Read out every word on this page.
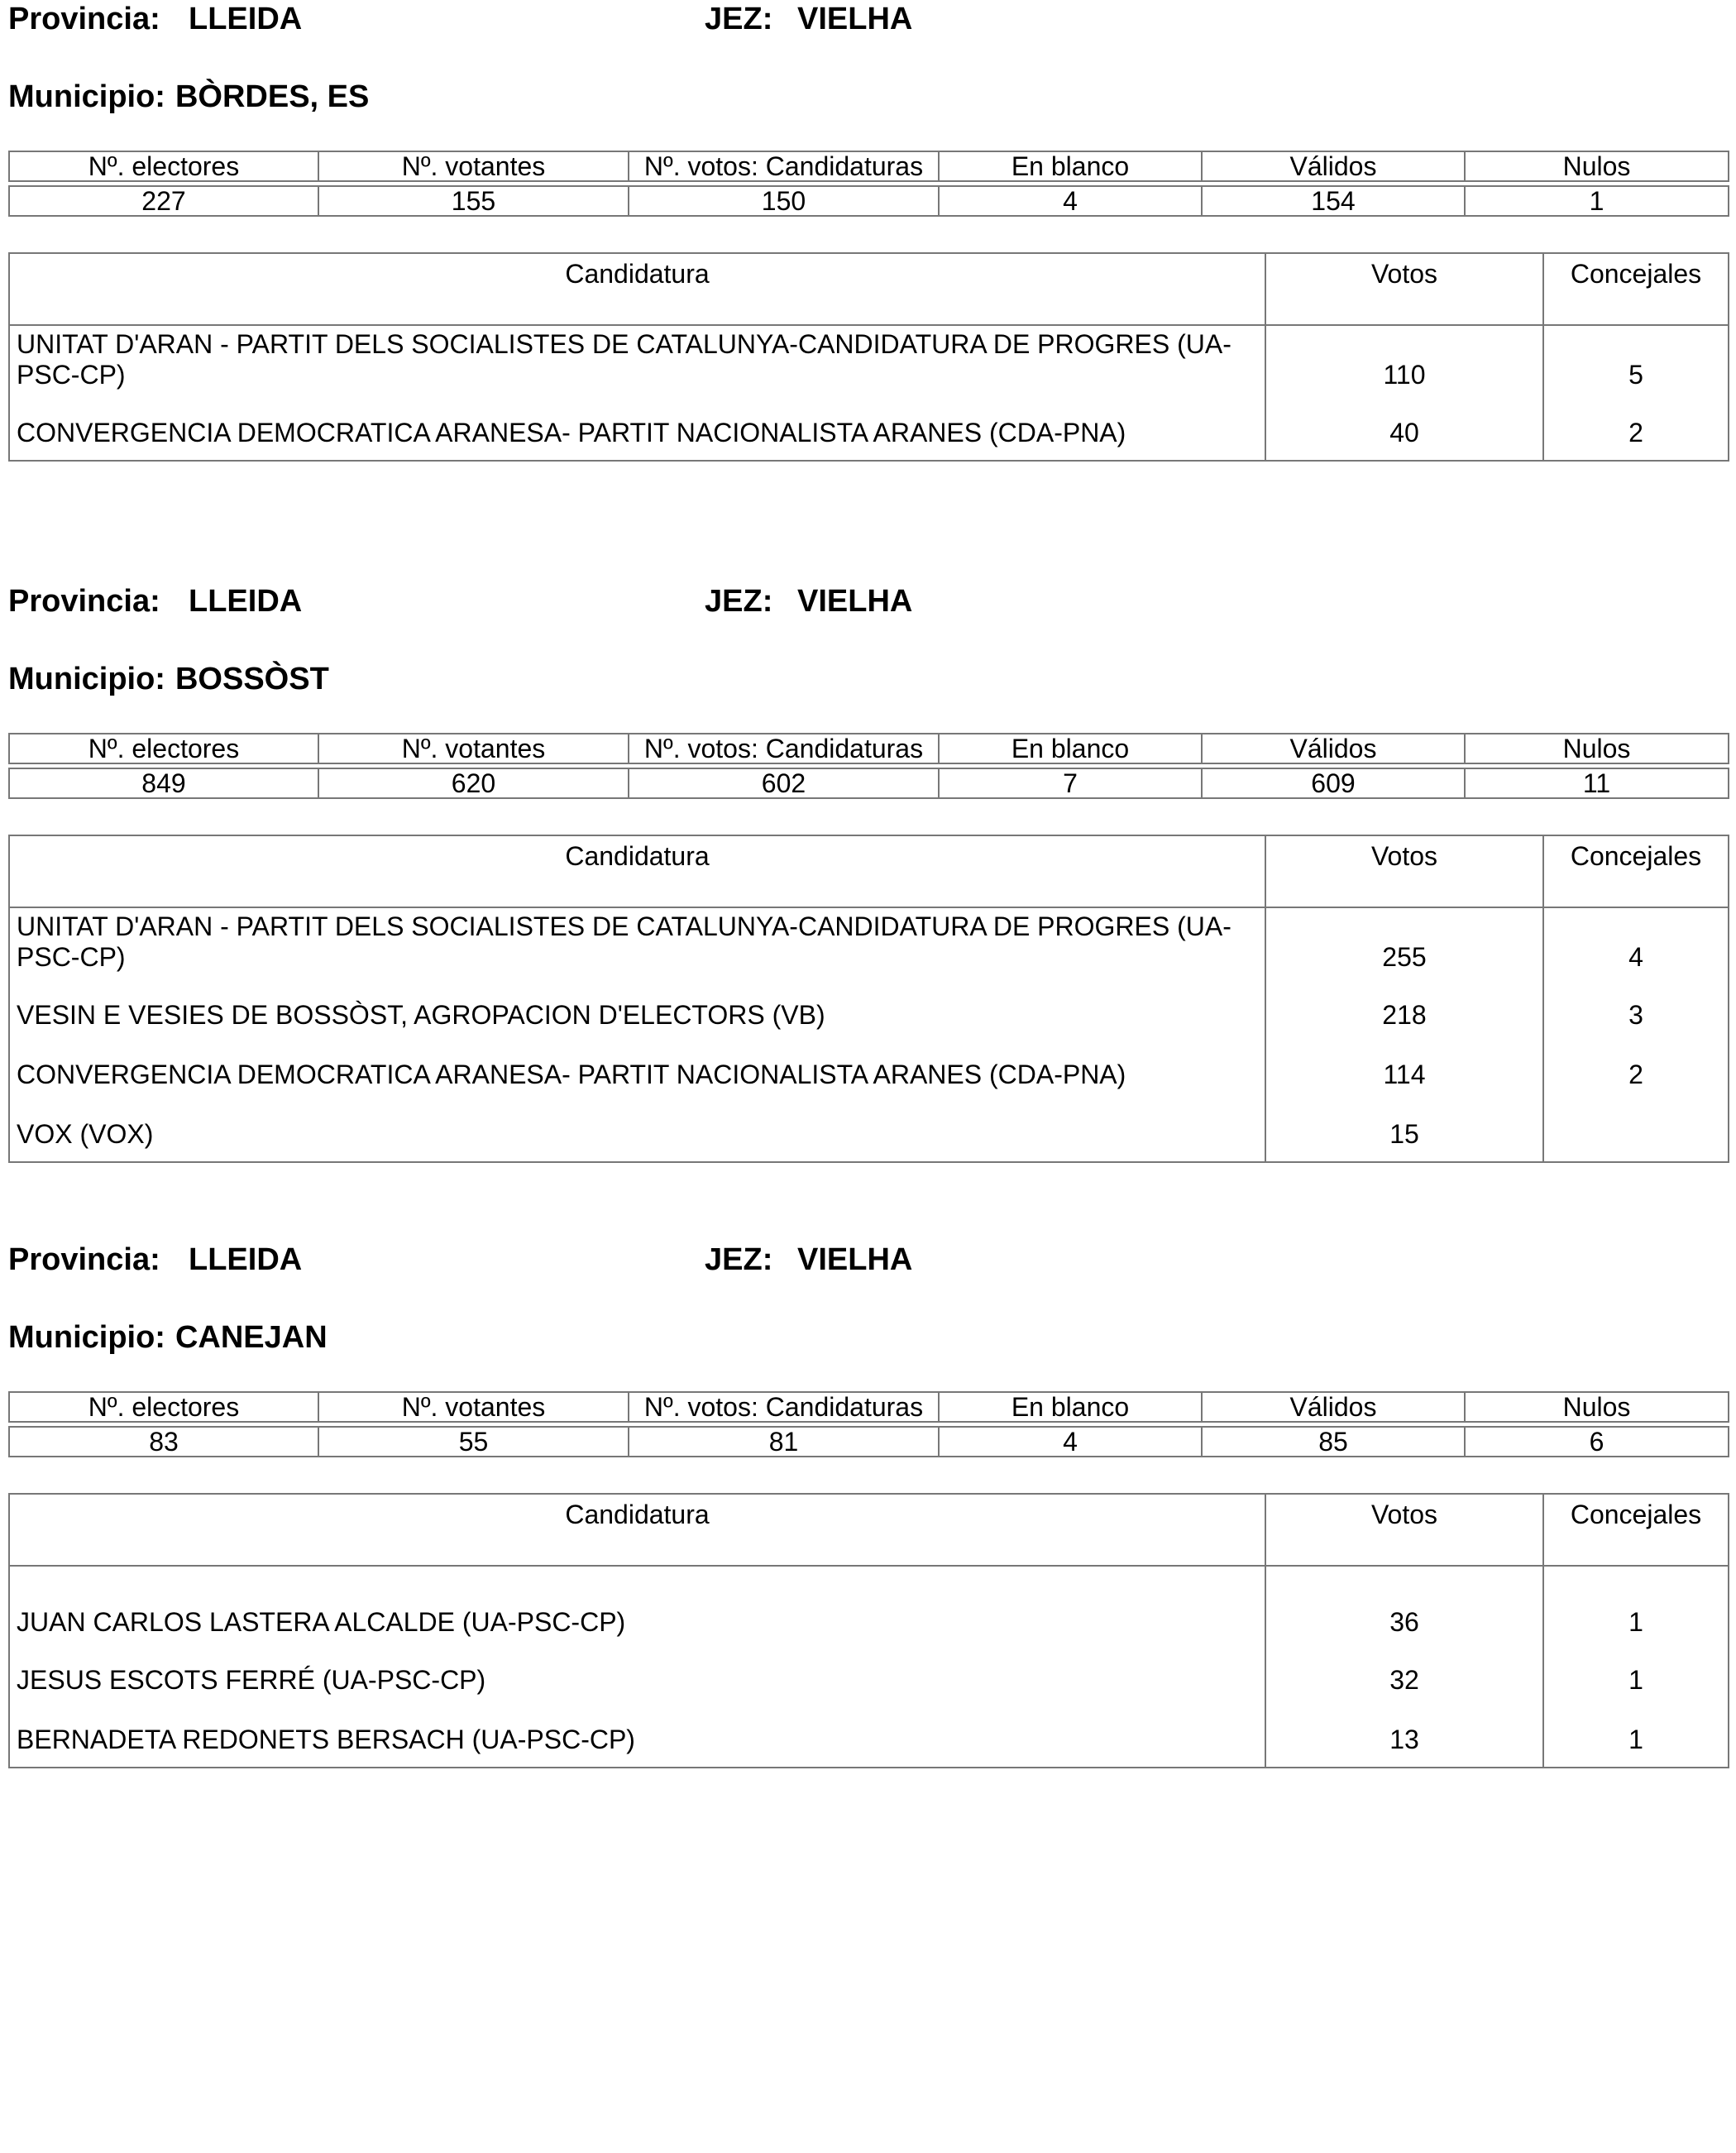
Provincia: LLEIDA	JEZ: VIELHA
Municipio: BÒRDES, ES
Nº. electores	Nº. votantes	Nº. votos: Candidaturas	En blanco	Válidos	Nulos

227	155	150	4	154	1
Candidatura	Votos	Concejales
UNITAT D'ARAN - PARTIT DELS SOCIALISTES DE CATALUNYA-CANDIDATURA DE PROGRES (UA-PSC-CP)	110	5
CONVERGENCIA DEMOCRATICA ARANESA- PARTIT NACIONALISTA ARANES (CDA-PNA)	40	2
Provincia: LLEIDA	JEZ: VIELHA
Municipio: BOSSÒST
Nº. electores	Nº. votantes	Nº. votos: Candidaturas	En blanco	Válidos	Nulos

849	620	602	7	609	11
Candidatura	Votos	Concejales
UNITAT D'ARAN - PARTIT DELS SOCIALISTES DE CATALUNYA-CANDIDATURA DE PROGRES (UA-PSC-CP)	255	4
VESIN E VESIES DE BOSSÒST, AGROPACION D'ELECTORS (VB)	218	3
CONVERGENCIA DEMOCRATICA ARANESA- PARTIT NACIONALISTA ARANES (CDA-PNA)	114	2
VOX (VOX)	15	
Provincia: LLEIDA	JEZ: VIELHA
Municipio: CANEJAN
Nº. electores	Nº. votantes	Nº. votos: Candidaturas	En blanco	Válidos	Nulos

83	55	81	4	85	6
Candidatura	Votos	Concejales
JUAN CARLOS LASTERA ALCALDE (UA-PSC-CP)	36	1
JESUS ESCOTS FERRÉ (UA-PSC-CP)	32	1
BERNADETA REDONETS BERSACH (UA-PSC-CP)	13	1
